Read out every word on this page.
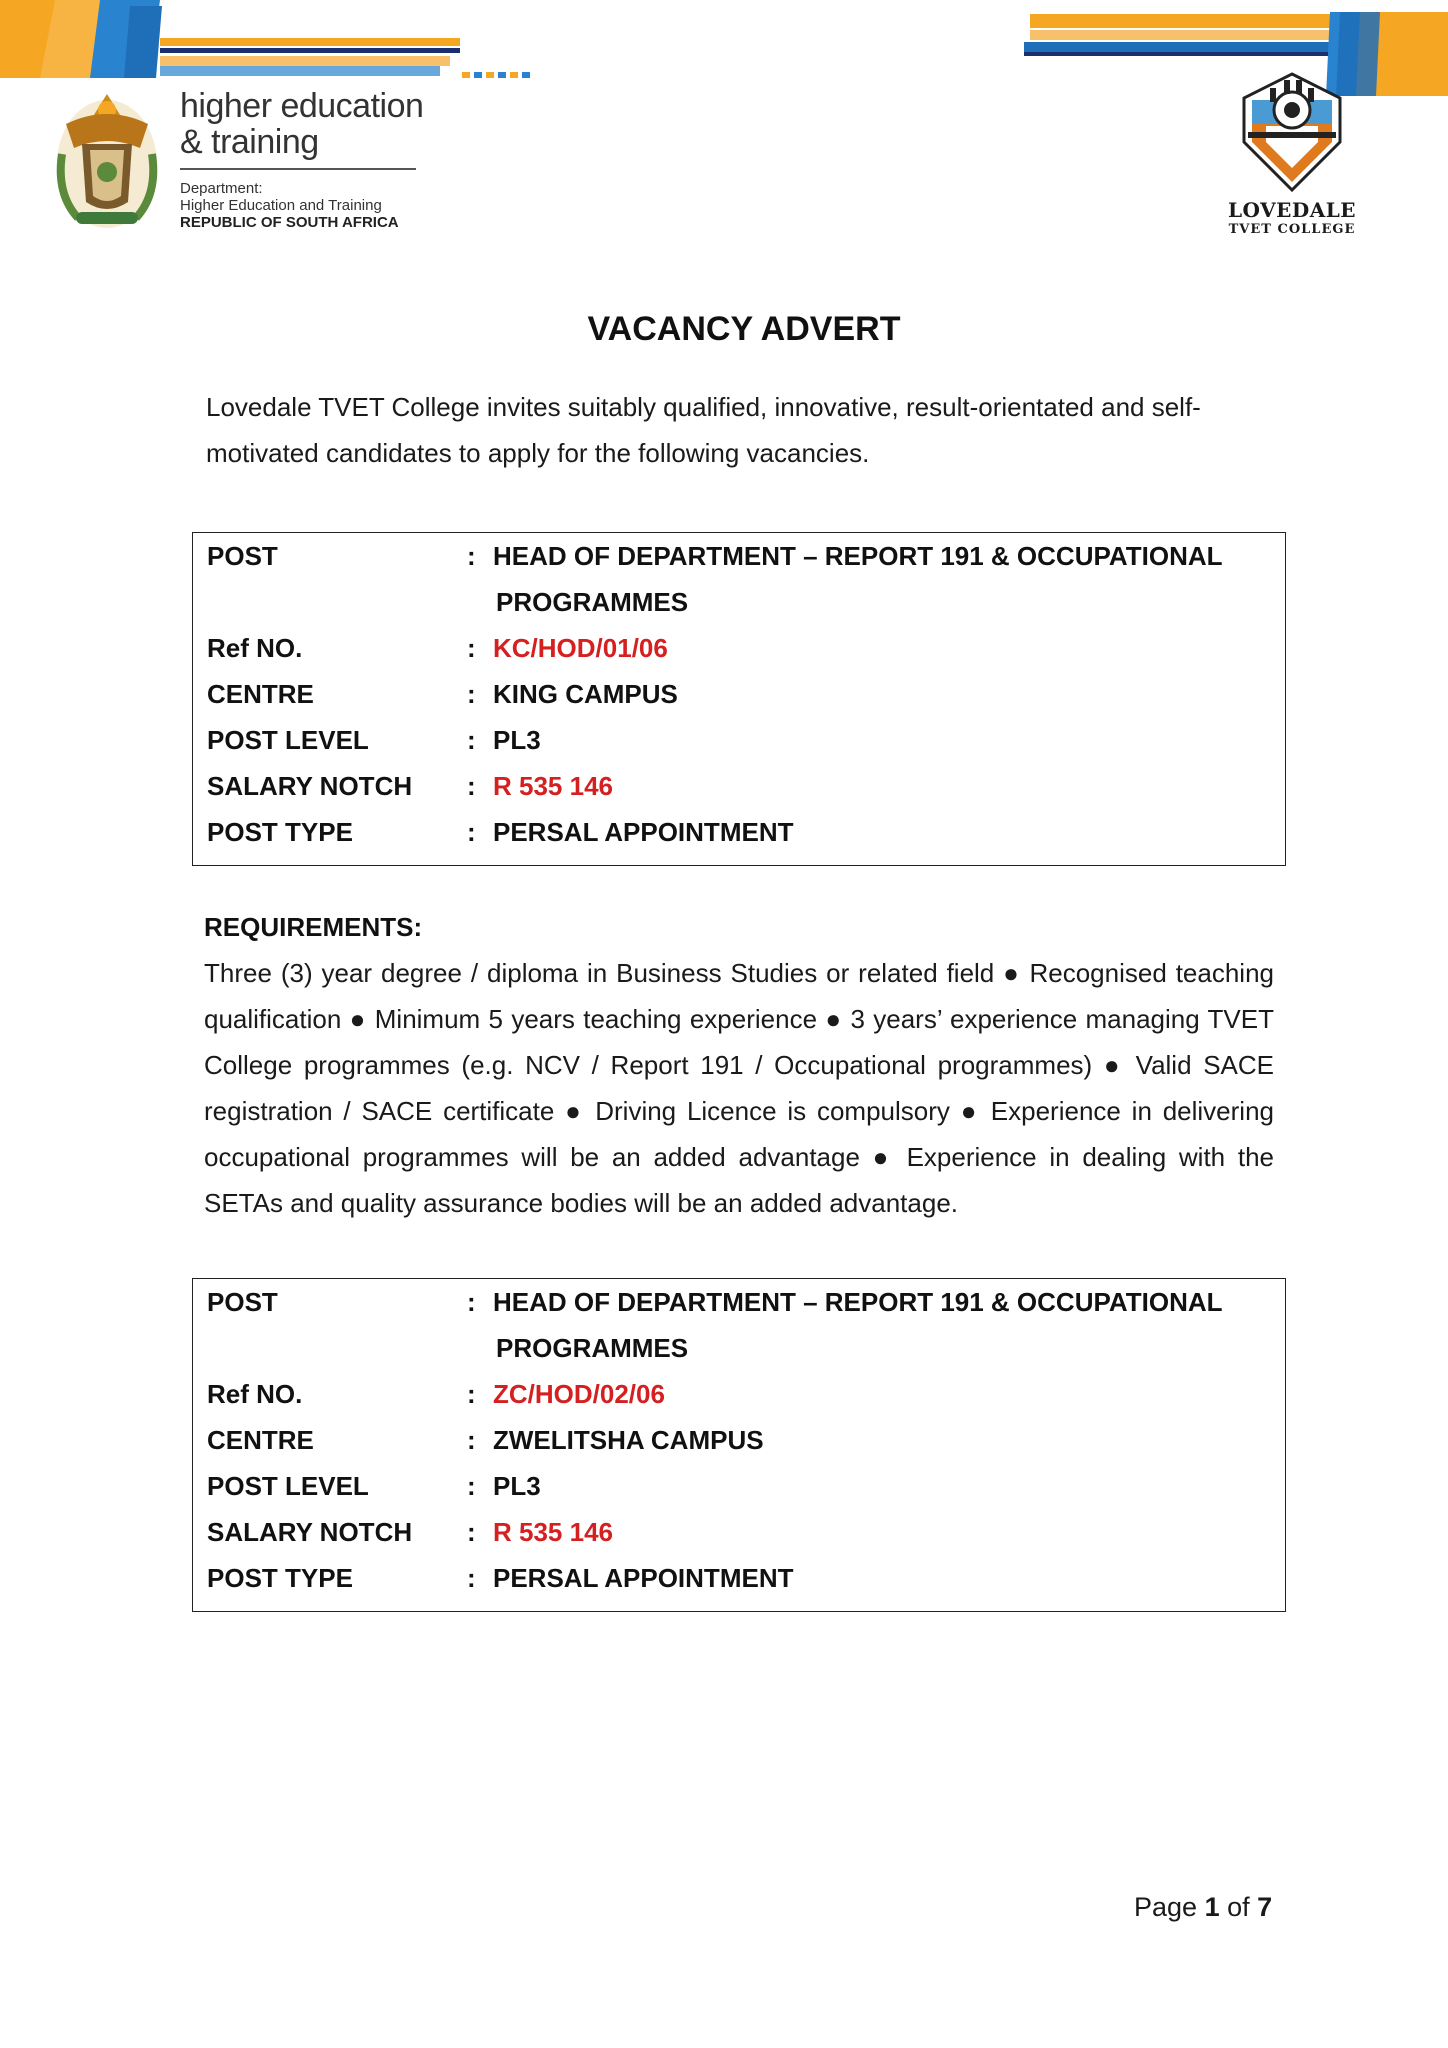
higher education
& training
Department:
Higher Education and Training
REPUBLIC OF SOUTH AFRICA
LOVEDALE
TVET COLLEGE
VACANCY ADVERT
Lovedale TVET College invites suitably qualified, innovative, result-orientated and self-motivated candidates to apply for the following vacancies.
POST	: HEAD OF DEPARTMENT – REPORT 191 & OCCUPATIONAL
PROGRAMMES
Ref NO.	: KC/HOD/01/06
CENTRE	: KING CAMPUS
POST LEVEL	: PL3
SALARY NOTCH : R 535 146
POST TYPE	: PERSAL APPOINTMENT
REQUIREMENTS:
Three (3) year degree / diploma in Business Studies or related field ● Recognised teaching qualification ● Minimum 5 years teaching experience ● 3 years’ experience managing TVET College programmes (e.g. NCV / Report 191 / Occupational programmes) ● Valid SACE registration / SACE certificate ● Driving Licence is compulsory ● Experience in delivering occupational programmes will be an added advantage ● Experience in dealing with the SETAs and quality assurance bodies will be an added advantage.
POST	: HEAD OF DEPARTMENT – REPORT 191 & OCCUPATIONAL
PROGRAMMES
Ref NO.	: ZC/HOD/02/06
CENTRE	: ZWELITSHA CAMPUS
POST LEVEL	: PL3
SALARY NOTCH : R 535 146
POST TYPE	: PERSAL APPOINTMENT
Page 1 of 7
